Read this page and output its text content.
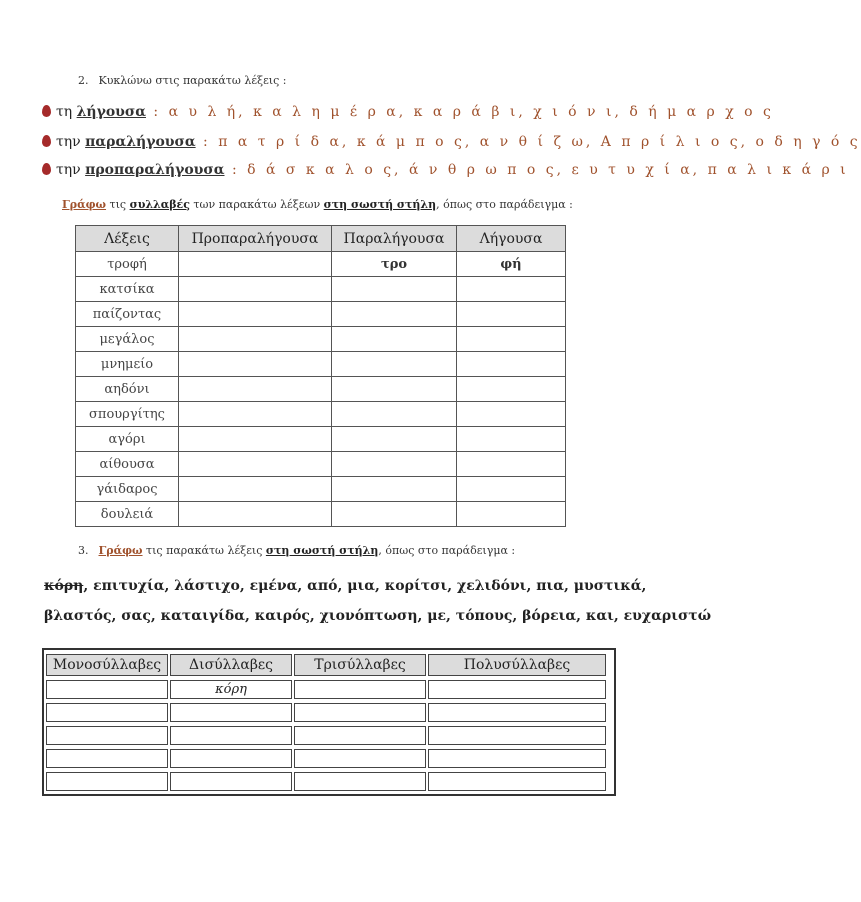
2. Κυκλώνω στις παρακάτω λέξεις :
τη λήγουσα : α υ λ ή, κ α λ η μ έ ρ α, κ α ρ ά β ι, χ ι ό ν ι, δ ή μ α ρ χ ο ς
την παραλήγουσα : π α τ ρ ί δ α, κ ά μ π ο ς, α ν θ ί ζ ω, Α π ρ ί λ ι ο ς, ο δ η γ ό ς
την προπαραλήγουσα : δ ά σ κ α λ ο ς, ά ν θ ρ ω π ο ς, ε υ τ υ χ ί α, π α λ ι κ ά ρ ι
Γράφω τις συλλαβές των παρακάτω λέξεων στη σωστή στήλη, όπως στο παράδειγμα :
Λέξεις	Προπαραλήγουσα	Παραλήγουσα	Λήγουσα
τροφή		τρο	φή
κατσίκα			
παίζοντας			
μεγάλος			
μνημείο			
αηδόνι			
σπουργίτης			
αγόρι			
αίθουσα			
γάιδαρος			
δουλειά			
3. Γράφω τις παρακάτω λέξεις στη σωστή στήλη, όπως στο παράδειγμα :
κόρη, επιτυχία, λάστιχο, εμένα, από, μια, κορίτσι, χελιδόνι, πια, μυστικά,
βλαστός, σας, καταιγίδα, καιρός, χιονόπτωση, με, τόπους, βόρεια, και, ευχαριστώ
Μονοσύλλαβες	Δισύλλαβες	Τρισύλλαβες	Πολυσύλλαβες
	κόρη		
